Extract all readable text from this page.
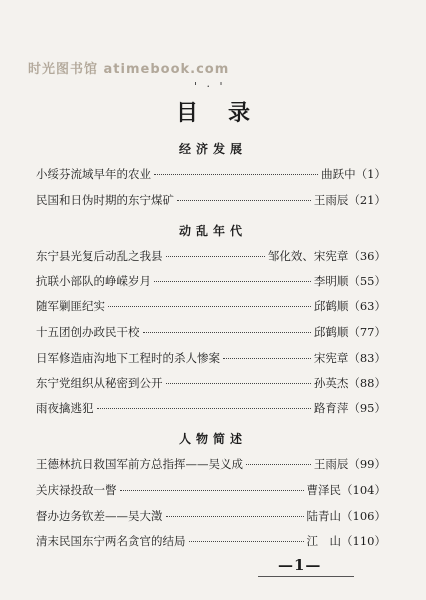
时光图书馆 atimebook.com
' · '
目录
经济发展
小绥芬流域早年的农业	曲跃中 （1）
民国和日伪时期的东宁煤矿	王雨辰 （21）
动乱年代
东宁县光复后动乱之我县	邹化效、宋宪章 （36）
抗联小部队的峥嵘岁月	李明顺 （55）
随军剿匪纪实	邱鹤顺 （63）
十五团创办政民干校	邱鹤顺 （77）
日军修造庙沟地下工程时的杀人惨案	宋宪章 （83）
东宁党组织从秘密到公开	孙英杰 （88）
雨夜擒逃犯	路育萍 （95）
人物简述
王德林抗日救国军前方总指挥——吴义成	王雨辰 （99）
关庆禄投敌一瞥	曹泽民 （104）
督办边务钦差——吴大澂	陆青山 （106）
清末民国东宁两名贪官的结局	江　山 （110）
—1—
